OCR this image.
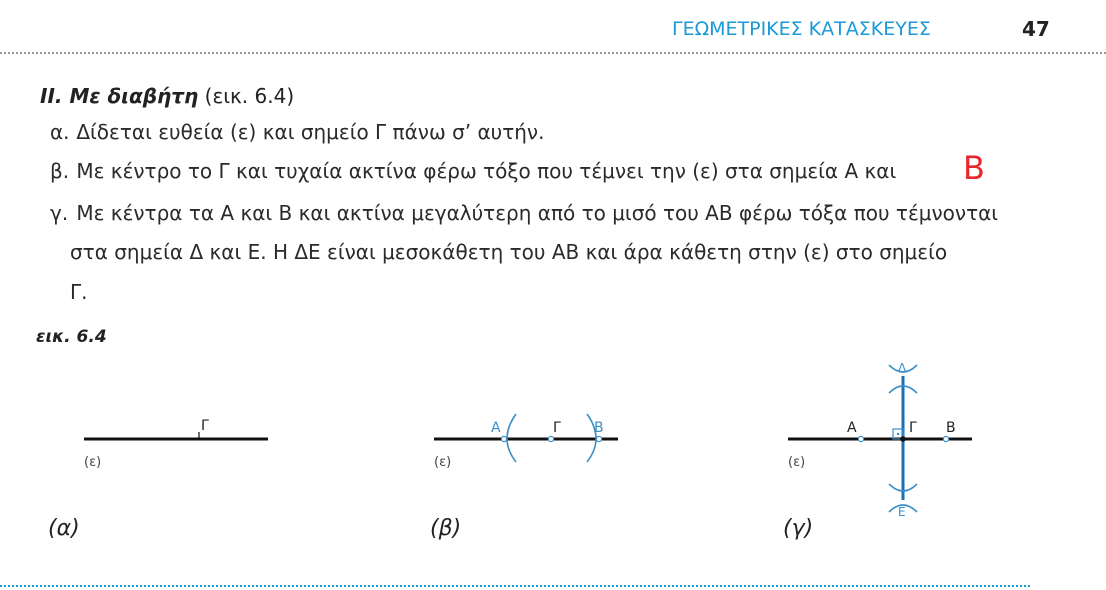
ΓΕΩΜΕΤΡΙΚΕΣ ΚΑΤΑΣΚΕΥΕΣ	47
II. Με διαβήτη (εικ. 6.4)
α. Δίδεται ευθεία (ε) και σημείο Γ πάνω σ’ αυτήν.
β. Με κέντρο το Γ και τυχαία ακτίνα φέρω τόξο που τέμνει την (ε) στα σημεία Α και B
γ. Με κέντρα τα Α και Β και ακτίνα μεγαλύτερη από το μισό του ΑΒ φέρω τόξα που τέμνονται
στα σημεία Δ και Ε. Η ΔΕ είναι μεσοκάθετη του ΑΒ και άρα κάθετη στην (ε) στο σημείο
Γ.
εικ. 6.4
Γ
(ε)
Α	Γ Β
(ε)
Α	Γ Β
Δ
Ε
(ε)
(α)	(β)	(γ)
